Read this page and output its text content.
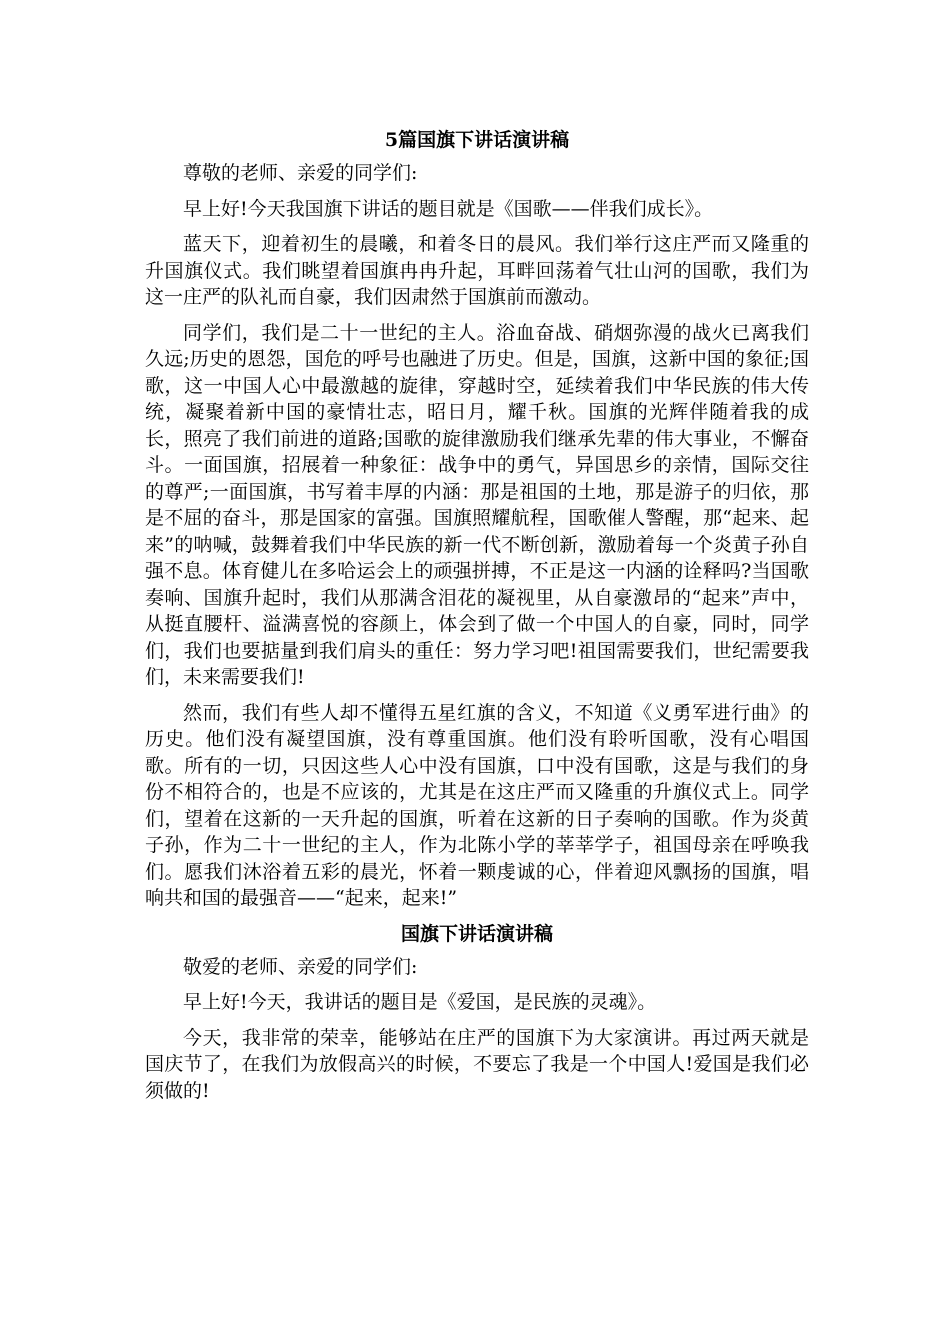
5篇国旗下讲话演讲稿

尊敬的老师、亲爱的同学们:

早上好!今天我国旗下讲话的题目就是《国歌——伴我们成长》。

蓝天下，迎着初生的晨曦，和着冬日的晨风。我们举行这庄严而又隆重的升国旗仪式。我们眺望着国旗冉冉升起，耳畔回荡着气壮山河的国歌，我们为这一庄严的队礼而自豪，我们因肃然于国旗前而激动。

同学们，我们是二十一世纪的主人。浴血奋战、硝烟弥漫的战火已离我们久远;历史的恩怨，国危的呼号也融进了历史。但是，国旗，这新中国的象征;国歌，这一中国人心中最激越的旋律，穿越时空，延续着我们中华民族的伟大传统，凝聚着新中国的豪情壮志，昭日月，耀千秋。国旗的光辉伴随着我的成长，照亮了我们前进的道路;国歌的旋律激励我们继承先辈的伟大事业，不懈奋斗。一面国旗，招展着一种象征：战争中的勇气，异国思乡的亲情，国际交往的尊严;一面国旗，书写着丰厚的内涵：那是祖国的土地，那是游子的归依，那是不屈的奋斗，那是国家的富强。国旗照耀航程，国歌催人警醒，那“起来、起来”的呐喊，鼓舞着我们中华民族的新一代不断创新，激励着每一个炎黄子孙自强不息。体育健儿在多哈运会上的顽强拼搏，不正是这一内涵的诠释吗?当国歌奏响、国旗升起时，我们从那满含泪花的凝视里，从自豪激昂的“起来”声中，从挺直腰杆、溢满喜悦的容颜上，体会到了做一个中国人的自豪，同时，同学们，我们也要掂量到我们肩头的重任：努力学习吧!祖国需要我们，世纪需要我们，未来需要我们!

然而，我们有些人却不懂得五星红旗的含义，不知道《义勇军进行曲》的历史。他们没有凝望国旗，没有尊重国旗。他们没有聆听国歌，没有心唱国歌。所有的一切，只因这些人心中没有国旗，口中没有国歌，这是与我们的身份不相符合的，也是不应该的，尤其是在这庄严而又隆重的升旗仪式上。同学们，望着在这新的一天升起的国旗，听着在这新的日子奏响的国歌。作为炎黄子孙，作为二十一世纪的主人，作为北陈小学的莘莘学子，祖国母亲在呼唤我们。愿我们沐浴着五彩的晨光，怀着一颗虔诚的心，伴着迎风飘扬的国旗，唱响共和国的最强音——“起来，起来!”

国旗下讲话演讲稿

敬爱的老师、亲爱的同学们:

早上好!今天，我讲话的题目是《爱国，是民族的灵魂》。

今天，我非常的荣幸，能够站在庄严的国旗下为大家演讲。再过两天就是国庆节了，在我们为放假高兴的时候，不要忘了我是一个中国人!爱国是我们必须做的!
